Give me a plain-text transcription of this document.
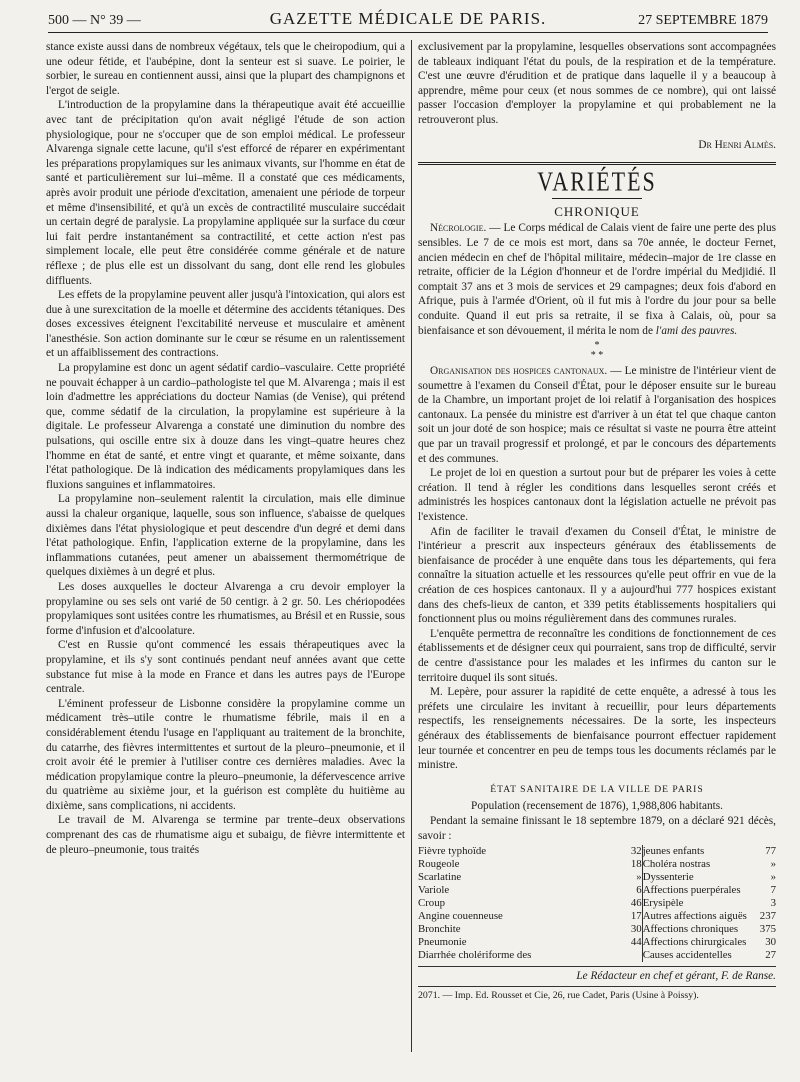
500 — N° 39 —	GAZETTE MÉDICALE DE PARIS.	27 SEPTEMBRE 1879

stance existe aussi dans de nombreux végétaux, tels que le cheiropodium, qui a une odeur fétide, et l'aubépine, dont la senteur est si suave. Le poirier, le sorbier, le sureau en contiennent aussi, ainsi que la plupart des champignons et l'ergot de seigle.

L'introduction de la propylamine dans la thérapeutique avait été accueillie avec tant de précipitation qu'on avait négligé l'étude de son action physiologique, pour ne s'occuper que de son emploi médical. Le professeur Alvarenga signale cette lacune, qu'il s'est efforcé de réparer en expérimentant les préparations propylamiques sur les animaux vivants, sur l'homme en état de santé et particulièrement sur lui–même. Il a constaté que ces médicaments, après avoir produit une période d'excitation, amenaient une période de torpeur et même d'insensibilité, et qu'à un excès de contractilité musculaire succédait un certain degré de paralysie. La propylamine appliquée sur la surface du cœur lui fait perdre instantanément sa contractilité, et cette action n'est pas simplement locale, elle peut être considérée comme générale et de nature réflexe ; de plus elle est un dissolvant du sang, dont elle rend les globules diffluents.

Les effets de la propylamine peuvent aller jusqu'à l'intoxication, qui alors est due à une surexcitation de la moelle et détermine des accidents tétaniques. Des doses excessives éteignent l'excitabilité nerveuse et musculaire et amènent l'anesthésie. Son action dominante sur le cœur se résume en un ralentissement et un affaiblissement des contractions.

La propylamine est donc un agent sédatif cardio–vasculaire. Cette propriété ne pouvait échapper à un cardio–pathologiste tel que M. Alvarenga ; mais il est loin d'admettre les appréciations du docteur Namias (de Venise), qui prétend que, comme sédatif de la circulation, la propylamine est supérieure à la digitale. Le professeur Alvarenga a constaté une diminution du nombre des pulsations, qui oscille entre six à douze dans les vingt–quatre heures chez l'homme en état de santé, et entre vingt et quarante, et même soixante, dans l'état pathologique. De là indication des médicaments propylamiques dans les fluxions sanguines et inflammatoires.

La propylamine non–seulement ralentit la circulation, mais elle diminue aussi la chaleur organique, laquelle, sous son influence, s'abaisse de quelques dixièmes dans l'état physiologique et peut descendre d'un degré et demi dans l'état pathologique. Enfin, l'application externe de la propylamine, dans les inflammations cutanées, peut amener un abaissement thermométrique de quelques dixièmes à un degré et plus.

Les doses auxquelles le docteur Alvarenga a cru devoir employer la propylamine ou ses sels ont varié de 50 centigr. à 2 gr. 50. Les chériopodées propylamiques sont usitées contre les rhumatismes, au Brésil et en Russie, sous forme d'infusion et d'alcoolature.

C'est en Russie qu'ont commencé les essais thérapeutiques avec la propylamine, et ils s'y sont continués pendant neuf années avant que cette substance fut mise à la mode en France et dans les autres pays de l'Europe centrale.

L'éminent professeur de Lisbonne considère la propylamine comme un médicament très–utile contre le rhumatisme fébrile, mais il en a considérablement étendu l'usage en l'appliquant au traitement de la bronchite, du catarrhe, des fièvres intermittentes et surtout de la pleuro–pneumonie, et il croit avoir été le premier à l'utiliser contre ces dernières maladies. Avec la médication propylamique contre la pleuro–pneumonie, la défervescence arrive du quatrième au sixième jour, et la guérison est complète du huitième au dixième, sans complications, ni accidents.

Le travail de M. Alvarenga se termine par trente–deux observations comprenant des cas de rhumatisme aigu et subaigu, de fièvre intermittente et de pleuro–pneumonie, tous traités

exclusivement par la propylamine, lesquelles observations sont accompagnées de tableaux indiquant l'état du pouls, de la respiration et de la température. C'est une œuvre d'érudition et de pratique dans laquelle il y a beaucoup à apprendre, même pour ceux (et nous sommes de ce nombre), qui ont laissé passer l'occasion d'employer la propylamine et qui probablement ne la retrouveront plus.

Dr Henri Almès.
VARIÉTÉS
CHRONIQUE

Nécrologie. — Le Corps médical de Calais vient de faire une perte des plus sensibles. Le 7 de ce mois est mort, dans sa 70e année, le docteur Fernet, ancien médecin en chef de l'hôpital militaire, médecin–major de 1re classe en retraite, officier de la Légion d'honneur et de l'ordre impérial du Medjidié. Il comptait 37 ans et 3 mois de services et 29 campagnes; deux fois d'abord en Afrique, puis à l'armée d'Orient, où il fut mis à l'ordre du jour pour sa belle conduite. Quand il eut pris sa retraite, il se fixa à Calais, où, pour sa bienfaisance et son dévouement, il mérita le nom de l'ami des pauvres.

*
* *

Organisation des hospices cantonaux. — Le ministre de l'intérieur vient de soumettre à l'examen du Conseil d'État, pour le déposer ensuite sur le bureau de la Chambre, un important projet de loi relatif à l'organisation des hospices cantonaux. La pensée du ministre est d'arriver à un état tel que chaque canton soit un jour doté de son hospice; mais ce résultat si vaste ne pourra être atteint que par un travail progressif et prolongé, et par le concours des départements et des communes.

Le projet de loi en question a surtout pour but de préparer les voies à cette création. Il tend à régler les conditions dans lesquelles seront créés et administrés les hospices cantonaux dont la législation actuelle ne prévoit pas l'existence.

Afin de faciliter le travail d'examen du Conseil d'État, le ministre de l'intérieur a prescrit aux inspecteurs généraux des établissements de bienfaisance de procéder à une enquête dans tous les départements, qui fera connaître la situation actuelle et les ressources qu'elle peut offrir en vue de la création de ces hospices cantonaux. Il y a aujourd'hui 777 hospices existant dans des chefs-lieux de canton, et 339 petits établissements hospitaliers qui fonctionnent plus ou moins régulièrement dans des communes rurales.

L'enquête permettra de reconnaître les conditions de fonctionnement de ces établissements et de désigner ceux qui pourraient, sans trop de difficulté, servir de centre d'assistance pour les malades et les infirmes du canton sur le territoire duquel ils sont situés.

M. Lepère, pour assurer la rapidité de cette enquête, a adressé à tous les préfets une circulaire les invitant à recueillir, pour leurs départements respectifs, les renseignements nécessaires. De la sorte, les inspecteurs généraux des établissements de bienfaisance pourront effectuer rapidement leur tournée et concentrer en peu de temps tous les documents réclamés par le ministre.

ÉTAT SANITAIRE DE LA VILLE DE PARIS
Population (recensement de 1876), 1,988,806 habitants.

Pendant la semaine finissant le 18 septembre 1879, on a déclaré 921 décès, savoir :

Fièvre typhoïde	32	jeunes enfants	77
Rougeole	18	Choléra nostras	»
Scarlatine	»	Dyssenterie	»
Variole	6	Affections puerpérales	7
Croup	46	Erysipèle	3
Angine couenneuse	17	Autres affections aiguës	237
Bronchite	30	Affections chroniques	375
Pneumonie	44	Affections chirurgicales	30
Diarrhée cholériforme des		Causes accidentelles	27
Le Rédacteur en chef et gérant, F. de Ranse.
2071. — Imp. Ed. Rousset et Cie, 26, rue Cadet, Paris (Usine à Poissy).
